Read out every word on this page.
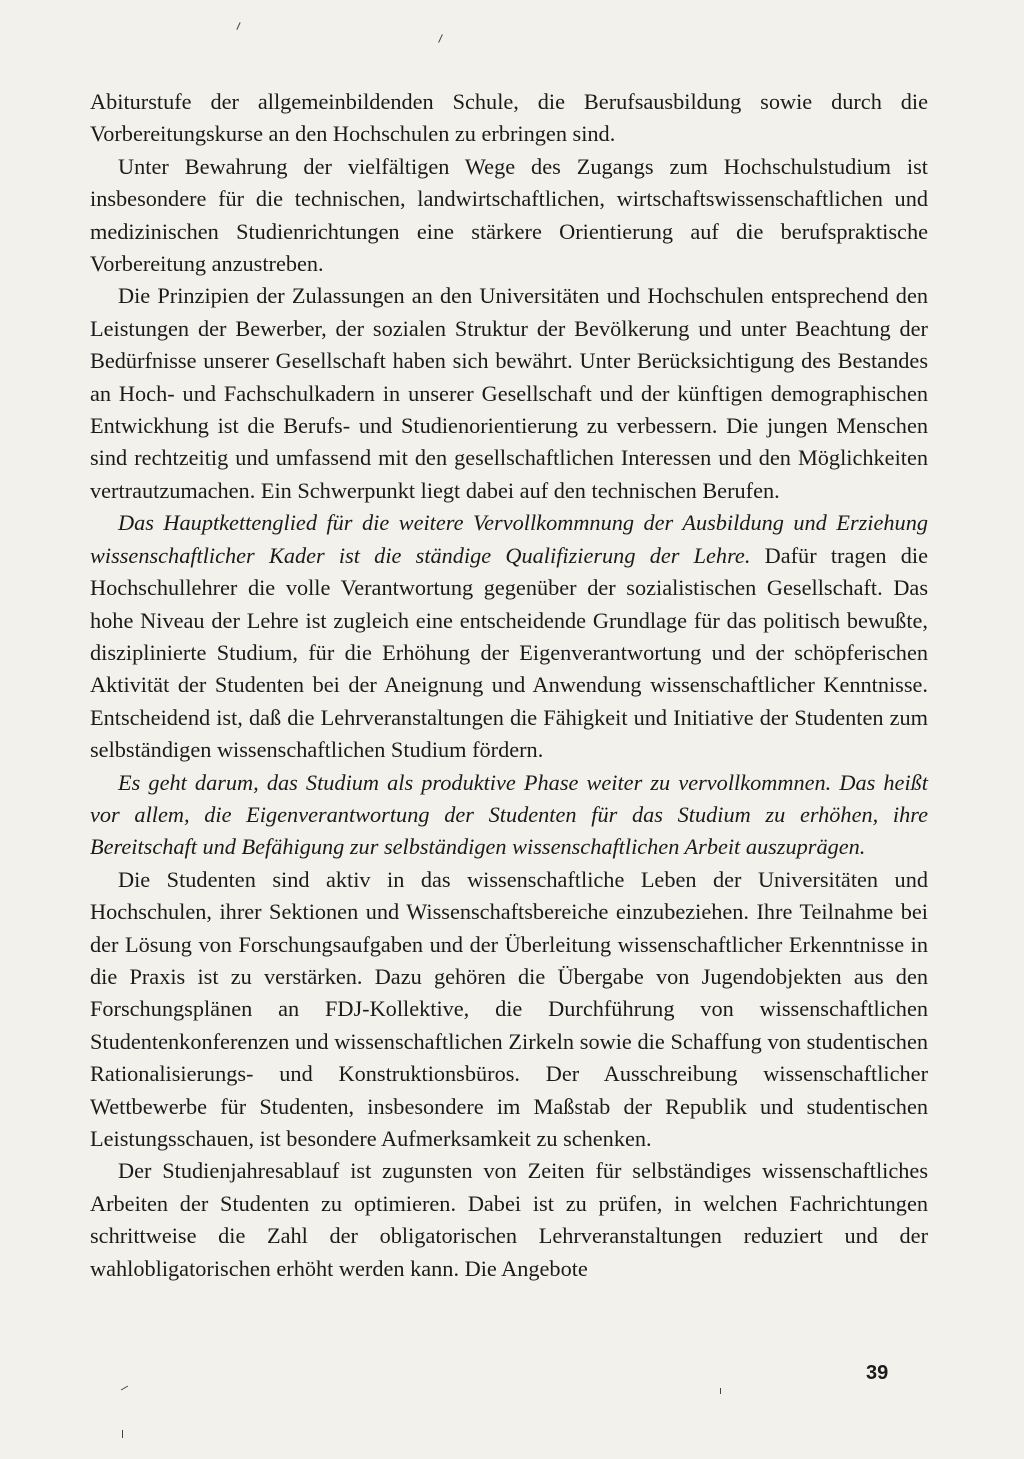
Abiturstufe der allgemeinbildenden Schule, die Berufsausbildung sowie durch die Vorbereitungskurse an den Hochschulen zu erbringen sind.

Unter Bewahrung der vielfältigen Wege des Zugangs zum Hochschulstudium ist insbesondere für die technischen, landwirtschaftlichen, wirtschaftswissenschaftlichen und medizinischen Studienrichtungen eine stärkere Orientierung auf die berufspraktische Vorbereitung anzustreben.

Die Prinzipien der Zulassungen an den Universitäten und Hochschulen entsprechend den Leistungen der Bewerber, der sozialen Struktur der Bevölkerung und unter Beachtung der Bedürfnisse unserer Gesellschaft haben sich bewährt. Unter Berücksichtigung des Bestandes an Hoch- und Fachschulkadern in unserer Gesellschaft und der künftigen demographischen Entwickhung ist die Berufs- und Studienorientierung zu verbessern. Die jungen Menschen sind rechtzeitig und umfassend mit den gesellschaftlichen Interessen und den Möglichkeiten vertrautzumachen. Ein Schwerpunkt liegt dabei auf den technischen Berufen.

Das Hauptkettenglied für die weitere Vervollkommnung der Ausbildung und Erziehung wissenschaftlicher Kader ist die ständige Qualifizierung der Lehre. Dafür tragen die Hochschullehrer die volle Verantwortung gegenüber der sozialistischen Gesellschaft. Das hohe Niveau der Lehre ist zugleich eine entscheidende Grundlage für das politisch bewußte, disziplinierte Studium, für die Erhöhung der Eigenverantwortung und der schöpferischen Aktivität der Studenten bei der Aneignung und Anwendung wissenschaftlicher Kenntnisse. Entscheidend ist, daß die Lehrveranstaltungen die Fähigkeit und Initiative der Studenten zum selbständigen wissenschaftlichen Studium fördern.

Es geht darum, das Studium als produktive Phase weiter zu vervollkommnen. Das heißt vor allem, die Eigenverantwortung der Studenten für das Studium zu erhöhen, ihre Bereitschaft und Befähigung zur selbständigen wissenschaftlichen Arbeit auszuprägen.

Die Studenten sind aktiv in das wissenschaftliche Leben der Universitäten und Hochschulen, ihrer Sektionen und Wissenschaftsbereiche einzubeziehen. Ihre Teilnahme bei der Lösung von Forschungsaufgaben und der Überleitung wissenschaftlicher Erkenntnisse in die Praxis ist zu verstärken. Dazu gehören die Übergabe von Jugendobjekten aus den Forschungsplänen an FDJ-Kollektive, die Durchführung von wissenschaftlichen Studentenkonferenzen und wissenschaftlichen Zirkeln sowie die Schaffung von studentischen Rationalisierungs- und Konstruktionsbüros. Der Ausschreibung wissenschaftlicher Wettbewerbe für Studenten, insbesondere im Maßstab der Republik und studentischen Leistungsschauen, ist besondere Aufmerksamkeit zu schenken.

Der Studienjahresablauf ist zugunsten von Zeiten für selbständiges wissenschaftliches Arbeiten der Studenten zu optimieren. Dabei ist zu prüfen, in welchen Fachrichtungen schrittweise die Zahl der obligatorischen Lehrveranstaltungen reduziert und der wahlobligatorischen erhöht werden kann. Die Angebote

39
